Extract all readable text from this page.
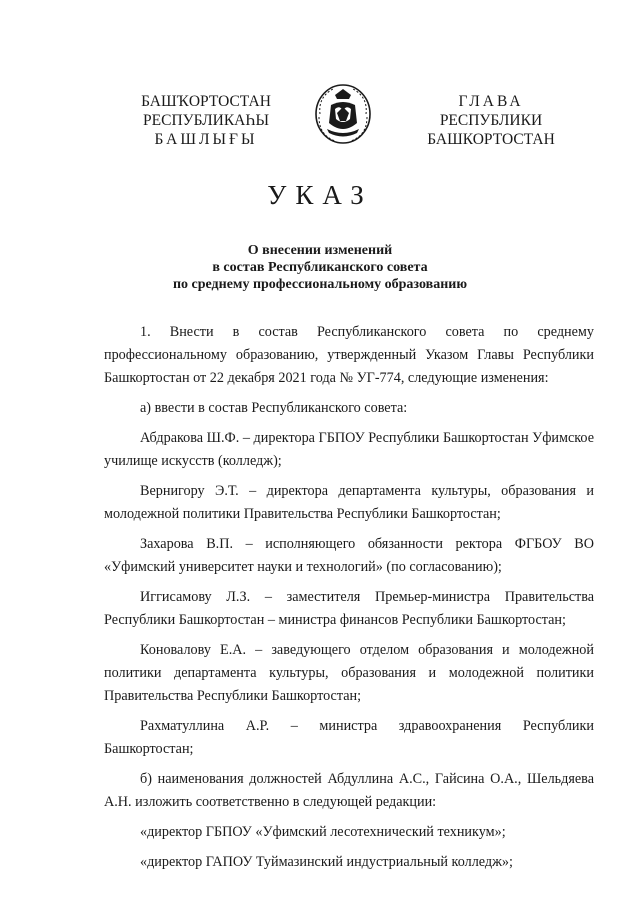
БАШҠОРТОСТАН
РЕСПУБЛИКАҺЫ
БАШЛЫҒЫ
ГЛАВА
РЕСПУБЛИКИ
БАШКОРТОСТАН
УКАЗ
О внесении изменений
в состав Республиканского совета
по среднему профессиональному образованию

1. Внести в состав Республиканского совета по среднему профессиональному образованию, утвержденный Указом Главы Республики Башкортостан от 22 декабря 2021 года № УГ-774, следующие изменения:

а) ввести в состав Республиканского совета:

Абдракова Ш.Ф. – директора ГБПОУ Республики Башкортостан Уфимское училище искусств (колледж);

Вернигору Э.Т. – директора департамента культуры, образования и молодежной политики Правительства Республики Башкортостан;

Захарова В.П. – исполняющего обязанности ректора ФГБОУ ВО «Уфимский университет науки и технологий» (по согласованию);

Иггисамову Л.З. – заместителя Премьер-министра Правительства Республики Башкортостан – министра финансов Республики Башкортостан;

Коновалову Е.А. – заведующего отделом образования и молодежной политики департамента культуры, образования и молодежной политики Правительства Республики Башкортостан;

Рахматуллина А.Р. – министра здравоохранения Республики Башкортостан;

б) наименования должностей Абдуллина А.С., Гайсина О.А., Шельдяева А.Н. изложить соответственно в следующей редакции:

«директор ГБПОУ «Уфимский лесотехнический техникум»;

«директор ГАПОУ Туймазинский индустриальный колледж»;
